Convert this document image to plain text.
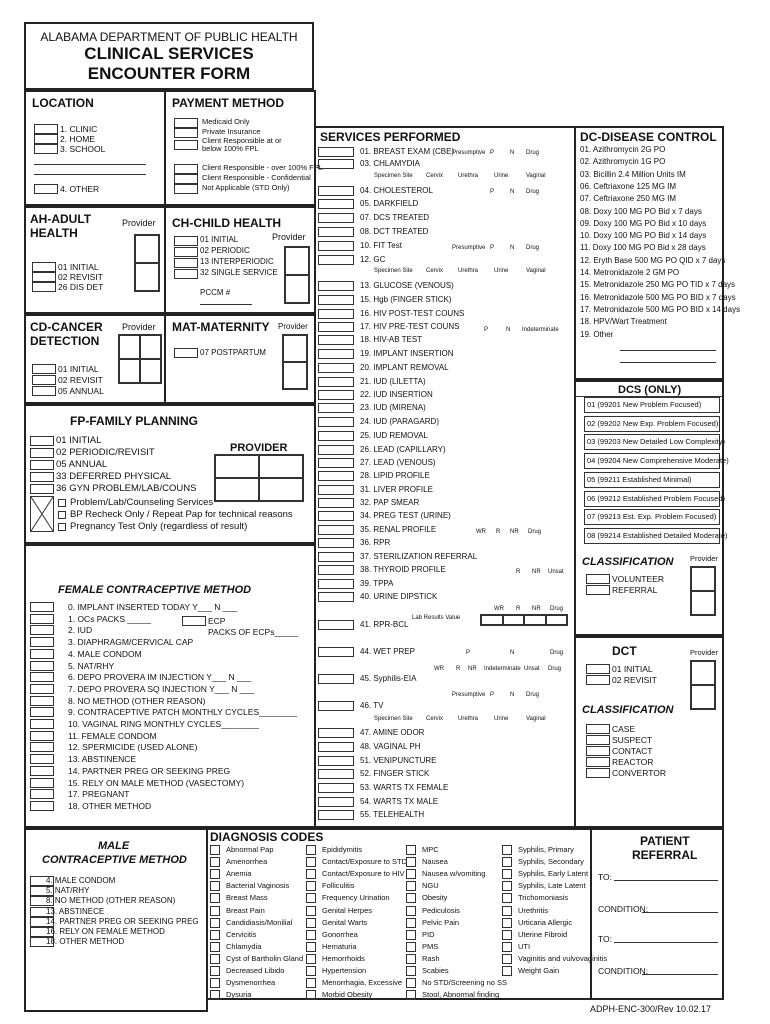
ALABAMA DEPARTMENT OF PUBLIC HEALTH
CLINICAL SERVICES
ENCOUNTER FORM
LOCATION
1. CLINIC
2. HOME
3. SCHOOL
4. OTHER
PAYMENT METHOD
Medicaid Only
Private Insurance
Client Responsible at or below 100% FPL
Client Responsible - over 100% FPL
Client Responsible - Confidential
Not Applicable (STD Only)
AH-ADULT HEALTH
Provider
01 INITIAL
02 REVISIT
26 DIS DET
CH-CHILD HEALTH
Provider
01 INITIAL
02 PERIODIC
13 INTERPERIODIC
32 SINGLE SERVICE
PCCM #
CD-CANCER DETECTION
Provider
01 INITIAL
02 REVISIT
05 ANNUAL
MAT-MATERNITY Provider
07 POSTPARTUM
FP-FAMILY PLANNING
PROVIDER
01 INITIAL
02 PERIODIC/REVISIT
05 ANNUAL
33 DEFERRED PHYSICAL
36 GYN PROBLEM/LAB/COUNS
Problem/Lab/Counseling Services
BP Recheck Only / Repeat Pap for technical reasons
Pregnancy Test Only (regardless of result)
FEMALE CONTRACEPTIVE METHOD
ECP
PACKS OF ECPs_____
0. IMPLANT INSERTED TODAY Y___ N ___
1. OCs PACKS _____
2. IUD
3. DIAPHRAGM/CERVICAL CAP
4. MALE CONDOM
5. NAT/RHY
6. DEPO PROVERA IM INJECTION Y___ N ___
7. DEPO PROVERA SQ INJECTION Y___ N ___
8. NO METHOD (OTHER REASON)
9. CONTRACEPTIVE PATCH MONTHLY CYCLES________
10. VAGINAL RING MONTHLY CYCLES________
11. FEMALE CONDOM
12. SPERMICIDE (USED ALONE)
13. ABSTINENCE
14. PARTNER PREG OR SEEKING PREG
15. RELY ON MALE METHOD (VASECTOMY)
17. PREGNANT
18. OTHER METHOD
MALE
CONTRACEPTIVE METHOD
4. MALE CONDOM
5. NAT/RHY
8. NO METHOD (OTHER REASON)
13. ABSTINECE
14. PARTNER PREG OR SEEKING PREG
16. RELY ON FEMALE METHOD
18. OTHER METHOD
SERVICES PERFORMED
01. BREAST EXAM (CBE)
03. CHLAMYDIA
04. CHOLESTEROL
05. DARKFIELD
07. DCS TREATED
08. DCT TREATED
10. FIT Test
12. GC
13. GLUCOSE (VENOUS)
15. Hgb (FINGER STICK)
16. HIV POST-TEST COUNS
17. HIV PRE-TEST COUNS
18. HIV-AB TEST
19. IMPLANT INSERTION
20. IMPLANT REMOVAL
21. IUD (LILETTA)
22. IUD INSERTION
23. IUD (MIRENA)
24. IUD (PARAGARD)
25. IUD REMOVAL
26. LEAD (CAPILLARY)
27. LEAD (VENOUS)
28. LIPID PROFILE
31. LIVER PROFILE
32. PAP SMEAR
34. PREG TEST (URINE)
35. RENAL PROFILE
36. RPR
37. STERILIZATION REFERRAL
38. THYROID PROFILE
39. TPPA
40. URINE DIPSTICK
41. RPR-BCL
44. WET PREP
45. Syphilis-EIA
46. TV
47. AMINE ODOR
48. VAGINAL PH
51. VENIPUNCTURE
52. FINGER STICK
53. WARTS TX FEMALE
54. WARTS TX MALE
55. TELEHEALTH
Presumptive P	N Drug
Specimen Site Cervix Urethra	Urine	Vaginal
P	N Drug
Presumptive P	N Drug
Specimen Site Cervix Urethra	Urine	Vaginal
P	N Indeterminate
WR R NR Drug
R NR Unsat
WR R NR Drug
Lab Results Value
P	N	Drug
WR R NR Indeterminate Unsat Drug
Presumptive P	N Drug
Specimen Site Cervix Urethra	Urine	Vaginal
DC-DISEASE CONTROL
01. Azithromycin 2G PO
02. Azithromycin 1G PO
03. Bicillin 2.4 Million Units IM
06. Ceftriaxone 125 MG IM
07. Ceftriaxone 250 MG IM
08. Doxy 100 MG PO Bid x 7 days
09. Doxy 100 MG PO Bid x 10 days
10. Doxy 100 MG PO Bid x 14 days
11. Doxy 100 MG PO Bid x 28 days
12. Eryth Base 500 MG PO QID x 7 days
14. Metronidazole 2 GM PO
15. Metronidazole 250 MG PO TID x 7 days
16. Metronidazole 500 MG PO BID x 7 days
17. Metronidazole 500 MG PO BID x 14 days
18. HPV/Wart Treatment
19. Other
DCS (ONLY)
CLASSIFICATION Provider
VOLUNTEER
REFERRAL
01 (99201 New Problem Focused)
02 (99202 New Exp. Problem Focused)
03 (99203 New Detailed Low Complexity)
04 (99204 New Comprehensive Moderate)
05 (99211 Established Minimal)
06 (99212 Established Problem Focused)
07 (99213 Est. Exp. Problem Focused)
08 (99214 Established Detailed Moderate)
DCT	Provider
01 INITIAL
02 REVISIT
CLASSIFICATION
CASE
SUSPECT
CONTACT
REACTOR
CONVERTOR
DIAGNOSIS CODES
Abnormal Pap
Amenorrhea
Anemia
Bacterial Vaginosis
Breast Mass
Breast Pain
Candidiasis/Monilial
Cervicitis
Chlamydia
Cyst of Bartholin Gland
Decreased Libido
Dysmenorrhea
Dysuria
Epididymitis
Contact/Exposure to STD
Contact/Exposure to HIV
Folliculitis
Frequency Urination
Genital Herpes
Genital Warts
Gonorrhea
Hematuria
Hemorrhoids
Hypertension
Menorrhagia, Excessive
Morbid Obesity
MPC
Nausea
Nausea w/vomiting
NGU
Obesity
Pediculosis
Pelvic Pain
PID
PMS
Rash
Scabies
No STD/Screening no SS
Stool, Abnormal finding
Syphilis, Primary
Syphilis, Secondary
Syphilis, Early Latent
Syphilis, Late Latent
Trichomoniasis
Urethritis
Urticaria Allergic
Uterine Fibroid
UTI
Vaginitis and vulvovaginitis
Weight Gain
PATIENT
REFERRAL
TO:
CONDITION:
TO:
CONDITION:
ADPH-ENC-300/Rev 10.02.17
